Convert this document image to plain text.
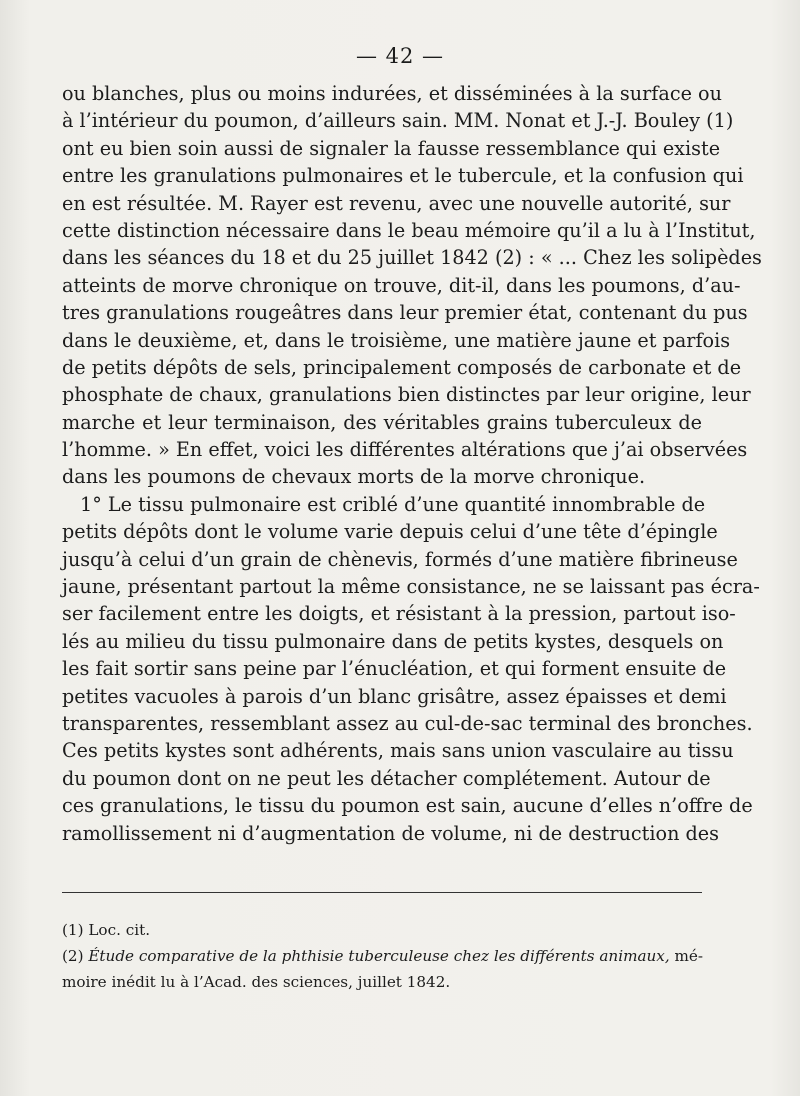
— 42 —
ou blanches, plus ou moins indurées, et disséminées à la surface ou
à l’intérieur du poumon, d’ailleurs sain. MM. Nonat et J.-J. Bouley (1)
ont eu bien soin aussi de signaler la fausse ressemblance qui existe
entre les granulations pulmonaires et le tubercule, et la confusion qui
en est résultée. M. Rayer est revenu, avec une nouvelle autorité, sur
cette distinction nécessaire dans le beau mémoire qu’il a lu à l’Institut,
dans les séances du 18 et du 25 juillet 1842 (2) : « ... Chez les solipèdes
atteints de morve chronique on trouve, dit-il, dans les poumons, d’au-
tres granulations rougeâtres dans leur premier état, contenant du pus
dans le deuxième, et, dans le troisième, une matière jaune et parfois
de petits dépôts de sels, principalement composés de carbonate et de
phosphate de chaux, granulations bien distinctes par leur origine, leur
marche et leur terminaison, des véritables grains tuberculeux de
l’homme. » En effet, voici les différentes altérations que j’ai observées
dans les poumons de chevaux morts de la morve chronique.
1° Le tissu pulmonaire est criblé d’une quantité innombrable de
petits dépôts dont le volume varie depuis celui d’une tête d’épingle
jusqu’à celui d’un grain de chènevis, formés d’une matière fibrineuse
jaune, présentant partout la même consistance, ne se laissant pas écra-
ser facilement entre les doigts, et résistant à la pression, partout iso-
lés au milieu du tissu pulmonaire dans de petits kystes, desquels on
les fait sortir sans peine par l’énucléation, et qui forment ensuite de
petites vacuoles à parois d’un blanc grisâtre, assez épaisses et demi
transparentes, ressemblant assez au cul-de-sac terminal des bronches.
Ces petits kystes sont adhérents, mais sans union vasculaire au tissu
du poumon dont on ne peut les détacher complétement. Autour de
ces granulations, le tissu du poumon est sain, aucune d’elles n’offre de
ramollissement ni d’augmentation de volume, ni de destruction des
(1) Loc. cit.
(2) Étude comparative de la phthisie tuberculeuse chez les différents animaux, mé-
moire inédit lu à l’Acad. des sciences, juillet 1842.
